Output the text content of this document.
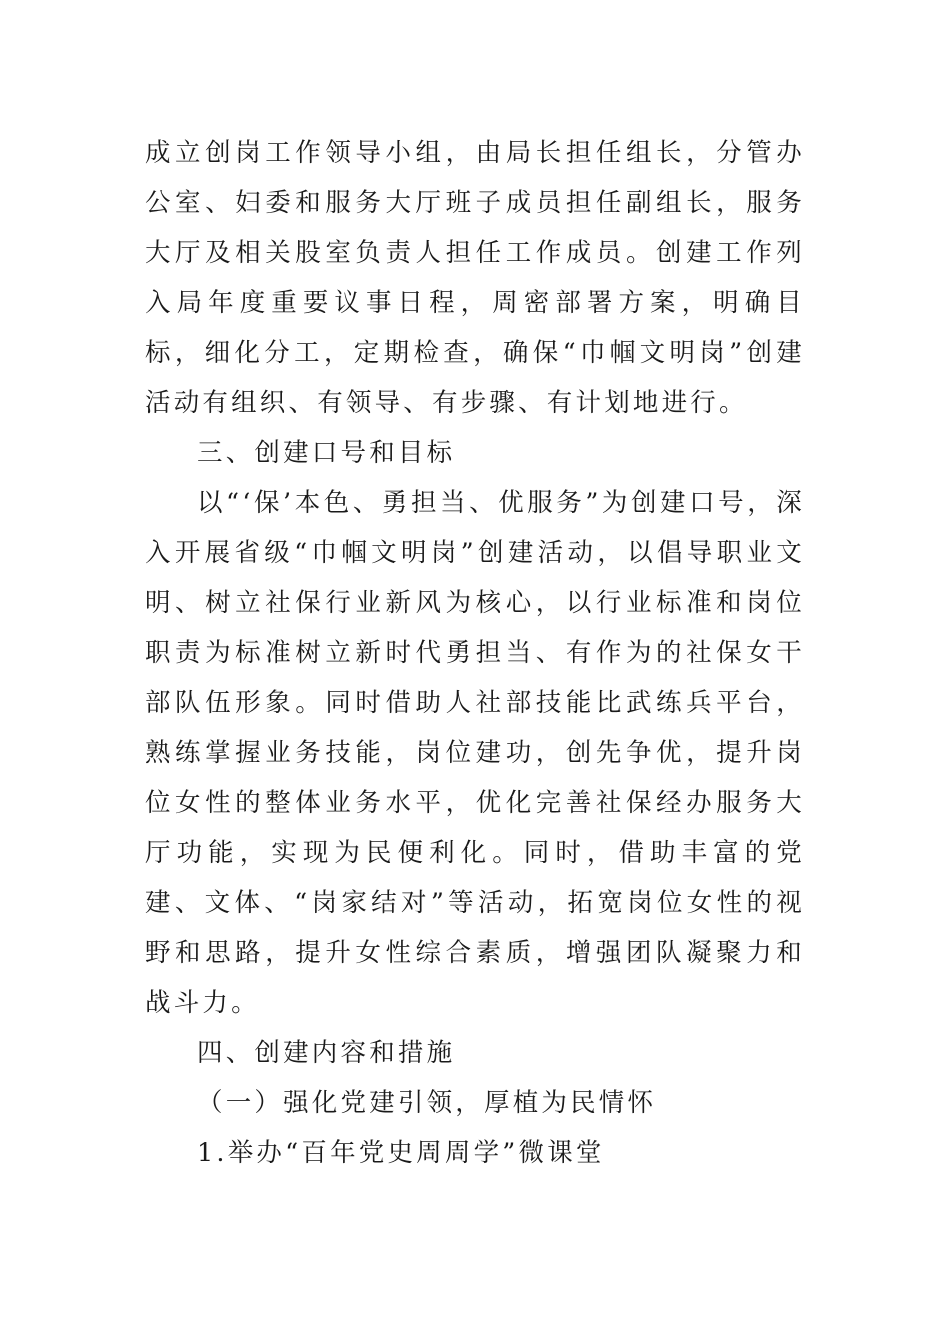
成立创岗工作领导小组，由局长担任组长，分管办公室、妇委和服务大厅班子成员担任副组长，服务大厅及相关股室负责人担任工作成员。创建工作列入局年度重要议事日程，周密部署方案，明确目标，细化分工，定期检查，确保“巾帼文明岗”创建活动有组织、有领导、有步骤、有计划地进行。

三、创建口号和目标

以“‘保’本色、勇担当、优服务”为创建口号，深入开展省级“巾帼文明岗”创建活动，以倡导职业文明、树立社保行业新风为核心，以行业标准和岗位职责为标准树立新时代勇担当、有作为的社保女干部队伍形象。同时借助人社部技能比武练兵平台，熟练掌握业务技能，岗位建功，创先争优，提升岗位女性的整体业务水平，优化完善社保经办服务大厅功能，实现为民便利化。同时，借助丰富的党建、文体、“岗家结对”等活动，拓宽岗位女性的视野和思路，提升女性综合素质，增强团队凝聚力和战斗力。

四、创建内容和措施

（一）强化党建引领，厚植为民情怀

1.举办“百年党史周周学”微课堂
